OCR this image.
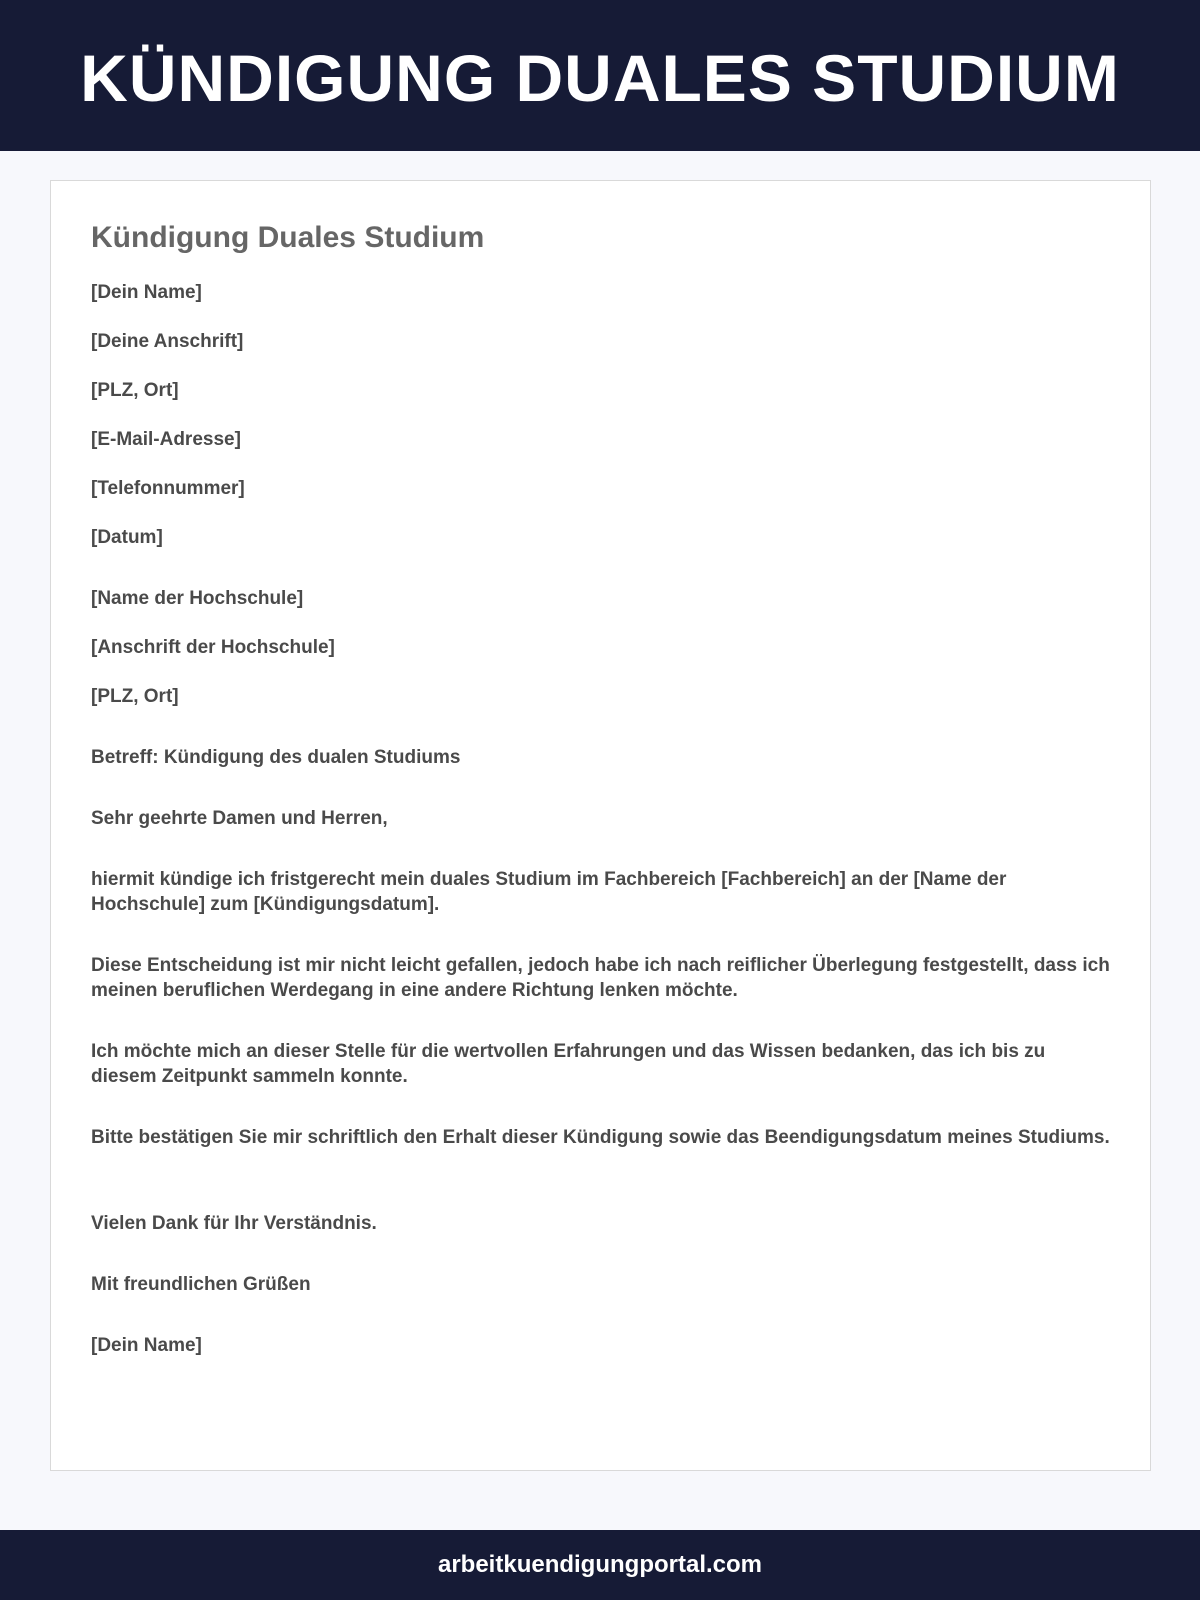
KÜNDIGUNG DUALES STUDIUM
Kündigung Duales Studium

[Dein Name]

[Deine Anschrift]

[PLZ, Ort]

[E-Mail-Adresse]

[Telefonnummer]

[Datum]

[Name der Hochschule]

[Anschrift der Hochschule]

[PLZ, Ort]

Betreff: Kündigung des dualen Studiums

Sehr geehrte Damen und Herren,

hiermit kündige ich fristgerecht mein duales Studium im Fachbereich [Fachbereich] an der [Name der Hochschule] zum [Kündigungsdatum].

Diese Entscheidung ist mir nicht leicht gefallen, jedoch habe ich nach reiflicher Überlegung festgestellt, dass ich meinen beruflichen Werdegang in eine andere Richtung lenken möchte.

Ich möchte mich an dieser Stelle für die wertvollen Erfahrungen und das Wissen bedanken, das ich bis zu diesem Zeitpunkt sammeln konnte.

Bitte bestätigen Sie mir schriftlich den Erhalt dieser Kündigung sowie das Beendigungsdatum meines Studiums.

Vielen Dank für Ihr Verständnis.

Mit freundlichen Grüßen

[Dein Name]

arbeitkuendigungportal.com
